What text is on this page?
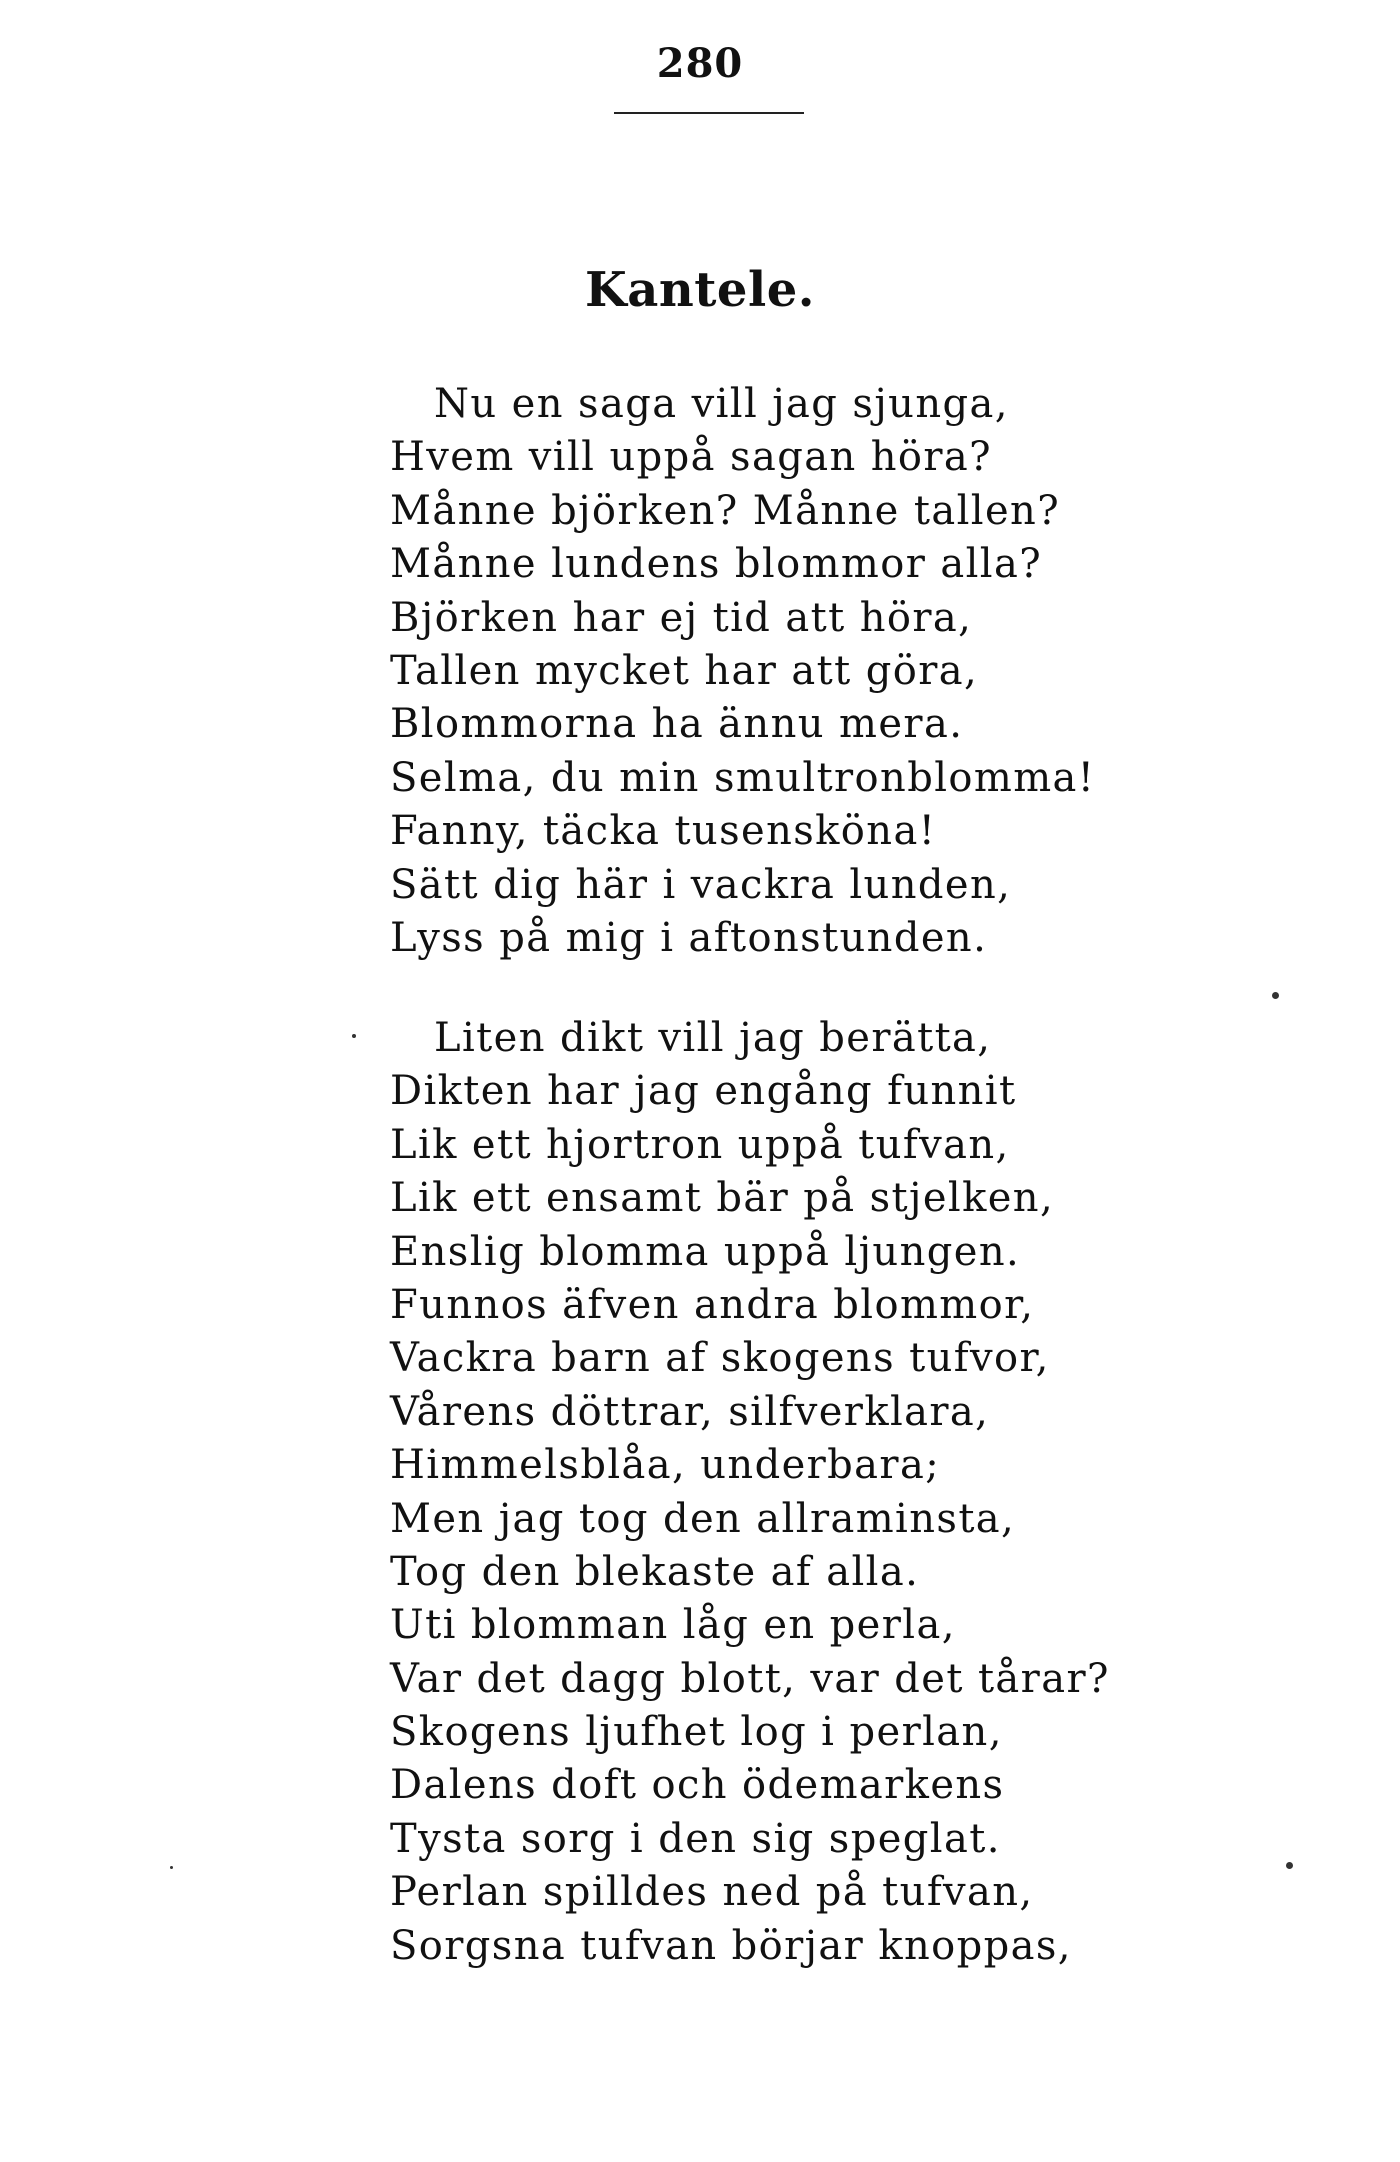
280
Kantele.
Nu en saga vill jag sjunga,
Hvem vill uppå sagan höra?
Månne björken? Månne tallen?
Månne lundens blommor alla?
Björken har ej tid att höra,
Tallen mycket har att göra,
Blommorna ha ännu mera.
Selma, du min smultronblomma!
Fanny, täcka tusensköna!
Sätt dig här i vackra lunden,
Lyss på mig i aftonstunden.
Liten dikt vill jag berätta,
Dikten har jag engång funnit
Lik ett hjortron uppå tufvan,
Lik ett ensamt bär på stjelken,
Enslig blomma uppå ljungen.
Funnos äfven andra blommor,
Vackra barn af skogens tufvor,
Vårens döttrar, silfverklara,
Himmelsblåa, underbara;
Men jag tog den allraminsta,
Tog den blekaste af alla.
Uti blomman låg en perla,
Var det dagg blott, var det tårar?
Skogens ljufhet log i perlan,
Dalens doft och ödemarkens
Tysta sorg i den sig speglat.
Perlan spilldes ned på tufvan,
Sorgsna tufvan börjar knoppas,
